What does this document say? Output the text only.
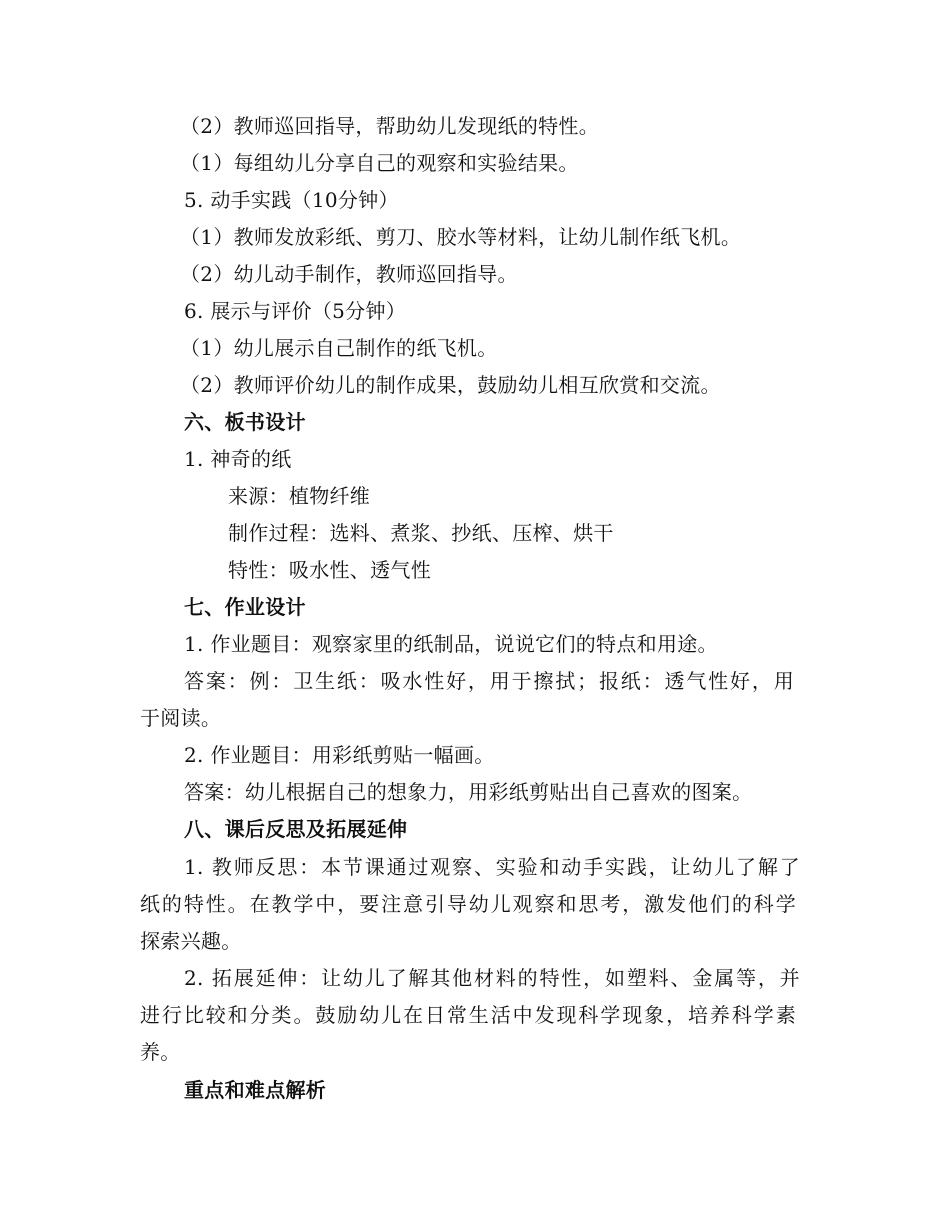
（2）教师巡回指导，帮助幼儿发现纸的特性。
（1）每组幼儿分享自己的观察和实验结果。
5. 动手实践（10分钟）
（1）教师发放彩纸、剪刀、胶水等材料，让幼儿制作纸飞机。
（2）幼儿动手制作，教师巡回指导。
6. 展示与评价（5分钟）
（1）幼儿展示自己制作的纸飞机。
（2）教师评价幼儿的制作成果，鼓励幼儿相互欣赏和交流。
六、板书设计
1. 神奇的纸
来源：植物纤维
制作过程：选料、煮浆、抄纸、压榨、烘干
特性：吸水性、透气性
七、作业设计
1. 作业题目：观察家里的纸制品，说说它们的特点和用途。
答案：例：卫生纸：吸水性好，用于擦拭；报纸：透气性好，用
于阅读。
2. 作业题目：用彩纸剪贴一幅画。
答案：幼儿根据自己的想象力，用彩纸剪贴出自己喜欢的图案。
八、课后反思及拓展延伸
1. 教师反思：本节课通过观察、实验和动手实践，让幼儿了解了
纸的特性。在教学中，要注意引导幼儿观察和思考，激发他们的科学
探索兴趣。
2. 拓展延伸：让幼儿了解其他材料的特性，如塑料、金属等，并
进行比较和分类。鼓励幼儿在日常生活中发现科学现象，培养科学素
养。
重点和难点解析
